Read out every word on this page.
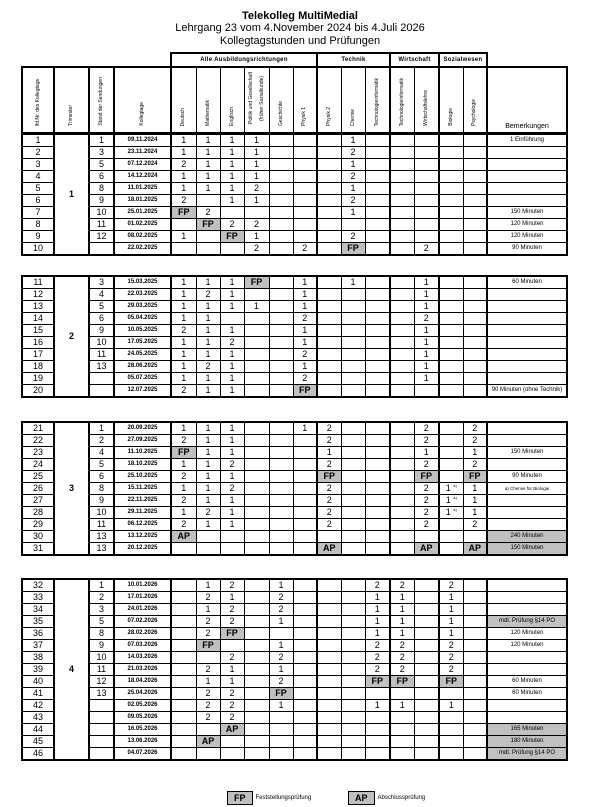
Telekolleg MultiMedial
Lehrgang 23 vom 4.November 2024 bis 4.Juli 2026
Kollegtagstunden und Prüfungen
				Alle Ausbildungsrichtungen						Technik			Wirtschaft		Sozialwesen		
lfd.Nr. des Kollegtags	Trimester	Stand der Sendungen	Kollegtage	Deutsch	Mathematik	Englisch	Politik und Gesellschaft (früher Sozialkunde)	Geschichte	Physik 1	Physik 2	Chemie	Technologieinformatik	Technologieinformatik	Wirtschaftslehre	Biologie	Psychologie	Bemerkungen
1	1	1	09.11.2024	1	1	1	1				1						1 Einführung
2		3	23.11.2024	1	1	1	1				2						
3		5	07.12.2024	2	1	1	1				1						
4		6	14.12.2024	1	1	1	1				2						
5		8	11.01.2025	1	1	1	2				1						
6		9	18.01.2025	2		1	1				2						
7		10	25.01.2025	FP	2						1						150 Minuten
8		11	01.02.2025		FP	2	2										120 Minuten
9		12	08.02.2025	1		FP	1				2						120 Minuten
10			22.02.2025				2		2		FP			2			90 Minuten
11	2	3	15.03.2025	1	1	1	FP		1		1			1			60 Minuten
12		4	22.03.2025	1	2	1			1					1			
13		5	29.03.2025	1	1	1	1		1					1			
14		6	05.04.2025	1	1				2					2			
15		9	10.05.2025	2	1	1			1					1			
16		10	17.05.2025	1	1	2			1					1			
17		11	24.05.2025	1	1	1			2					1			
18		13	28.06.2025	1	2	1			1					1			
19			05.07.2025	1	1	1			2					1			
20			12.07.2025	2	1	1			FP								90 Minuten (ohne Technik)
21	3	1	20.09.2025	1	1	1			1	2				2		2	
22		2	27.09.2025	2	1	1				2				2		2	
23		4	11.10.2025	FP	1	1				1				1		1	150 Minuten
24		5	18.10.2025	1	1	2				2				2		2	
25		6	25.10.2025	2	1	1				FP				FP		FP	90 Minuten
26		8	15.11.2025	1	1	2				2				2	1 $^{a)}$	1	a) Chemie für Biologie
27		9	22.11.2025	2	1	1				2				2	1 $^{a)}$	1	
28		10	29.11.2025	1	2	1				2				2	1 $^{a)}$	1	
29		11	06.12.2025	2	1	1				2				2		2	
30		13	13.12.2025	AP													240 Minuten
31		13	20.12.2025							AP				AP		AP	150 Minuten
32	4	1	10.01.2026		1	2		1				2	2		2		
33		2	17.01.2026		2	1		2				1	1		1		
34		3	24.01.2026		1	2		2				1	1		1		
35		5	07.02.2026		2	2		1				1	1		1		mdl. Prüfung §14 PO
36		8	28.02.2026		2	FP						1	1		1		120 Minuten
37		9	07.03.2026		FP			1				2	2		2		120 Minuten
38		10	14.03.2026			2		2				2	2		2		
39		11	21.03.2026		2	1		1				2	2		2		
40		12	18.04.2026		1	1		2				FP	FP		FP		60 Minuten
41		13	25.04.2026		2	2		FP									60 Minuten
42			02.05.2026		2	2		1				1	1		1		
43			09.05.2026		2	2											
44			16.05.2026			AP											165 Minuten
45			13.06.2026		AP												180 Minuten
46			04.07.2026														mdl. Prüfung §14 PO
FP	Feststellungsprüfung	AP	Abschlussprüfung
